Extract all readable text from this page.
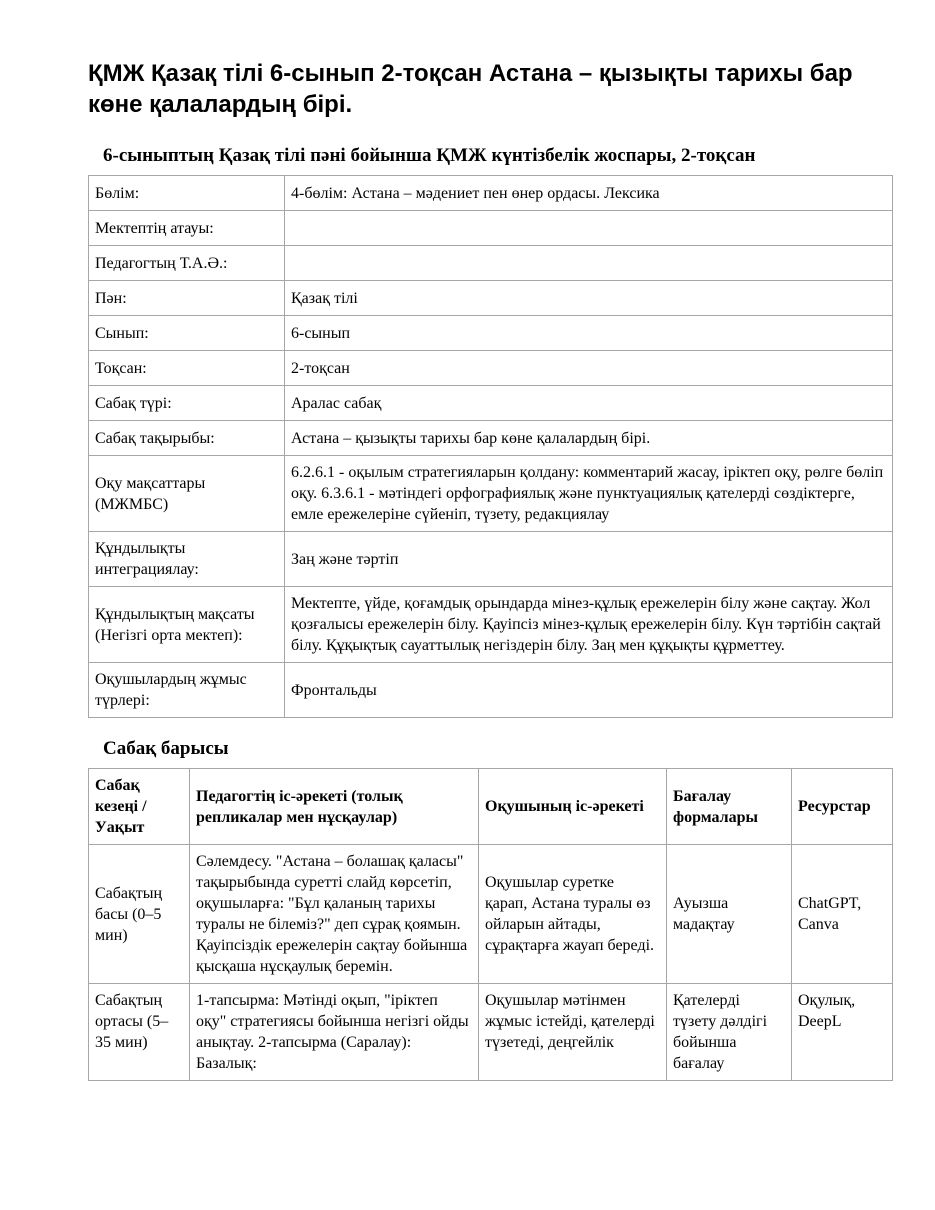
ҚМЖ Қазақ тілі 6-сынып 2-тоқсан Астана – қызықты тарихы бар көне қалалардың бірі.
6-сыныптың Қазақ тілі пәні бойынша ҚМЖ күнтізбелік жоспары, 2-тоқсан
Бөлім:	4-бөлім: Астана – мәдениет пен өнер ордасы. Лексика
Мектептің атауы:	
Педагогтың Т.А.Ә.:	
Пән:	Қазақ тілі
Сынып:	6-сынып
Тоқсан:	2-тоқсан
Сабақ түрі:	Аралас сабақ
Сабақ тақырыбы:	Астана – қызықты тарихы бар көне қалалардың бірі.
Оқу мақсаттары (МЖМБС)	6.2.6.1 - оқылым стратегияларын қолдану: комментарий жасау, іріктеп оқу, рөлге бөліп оқу. 6.3.6.1 - мәтіндегі орфографиялық және пунктуациялық қателерді сөздіктерге, емле ережелеріне сүйеніп, түзету, редакциялау
Құндылықты интеграциялау:	Заң және тәртіп
Құндылықтың мақсаты (Негізгі орта мектеп):	Мектепте, үйде, қоғамдық орындарда мінез-құлық ережелерін білу және сақтау. Жол қозғалысы ережелерін білу. Қауіпсіз мінез-құлық ережелерін білу. Күн тәртібін сақтай білу. Құқықтық сауаттылық негіздерін білу. Заң мен құқықты құрметтеу.
Оқушылардың жұмыс түрлері:	Фронтальды
Сабақ барысы
Сабақ кезеңі / Уақыт	Педагогтің іс-әрекеті (толық репликалар мен нұсқаулар)	Оқушының іс-әрекеті	Бағалау формалары	Ресурстар
Сабақтың басы (0–5 мин)	Сәлемдесу. "Астана – болашақ қаласы" тақырыбында суретті слайд көрсетіп, оқушыларға: "Бұл қаланың тарихы туралы не білеміз?" деп сұрақ қоямын. Қауіпсіздік ережелерін сақтау бойынша қысқаша нұсқаулық беремін.	Оқушылар суретке қарап, Астана туралы өз ойларын айтады, сұрақтарға жауап береді.	Ауызша мадақтау	ChatGPT, Canva
Сабақтың ортасы (5–35 мин)	1-тапсырма: Мәтінді оқып, "іріктеп оқу" стратегиясы бойынша негізгі ойды анықтау. 2-тапсырма (Саралау): Базалық:	Оқушылар мәтінмен жұмыс істейді, қателерді түзетеді, деңгейлік	Қателерді түзету дәлдігі бойынша бағалау	Оқулық, DeepL
